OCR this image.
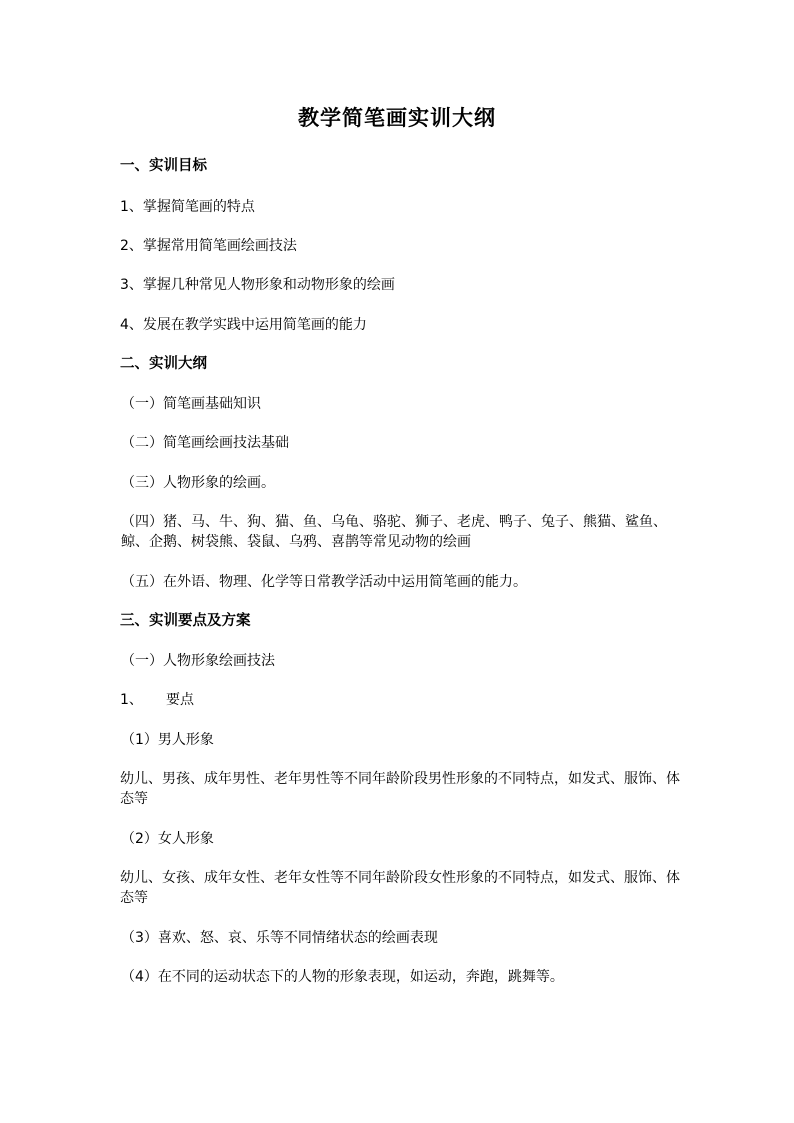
教学简笔画实训大纲
一、实训目标
1、掌握简笔画的特点
2、掌握常用简笔画绘画技法
3、掌握几种常见人物形象和动物形象的绘画
4、发展在教学实践中运用简笔画的能力
二、实训大纲
（一）简笔画基础知识
（二）简笔画绘画技法基础
（三）人物形象的绘画。
（四）猪、马、牛、狗、猫、鱼、乌龟、骆驼、狮子、老虎、鸭子、兔子、熊猫、鲨鱼、鲸、企鹅、树袋熊、袋鼠、乌鸦、喜鹊等常见动物的绘画
（五）在外语、物理、化学等日常教学活动中运用简笔画的能力。
三、实训要点及方案
（一）人物形象绘画技法
1、 要点
（1）男人形象
幼儿、男孩、成年男性、老年男性等不同年龄阶段男性形象的不同特点，如发式、服饰、体态等
（2）女人形象
幼儿、女孩、成年女性、老年女性等不同年龄阶段女性形象的不同特点，如发式、服饰、体态等
（3）喜欢、怒、哀、乐等不同情绪状态的绘画表现
（4）在不同的运动状态下的人物的形象表现，如运动，奔跑，跳舞等。
